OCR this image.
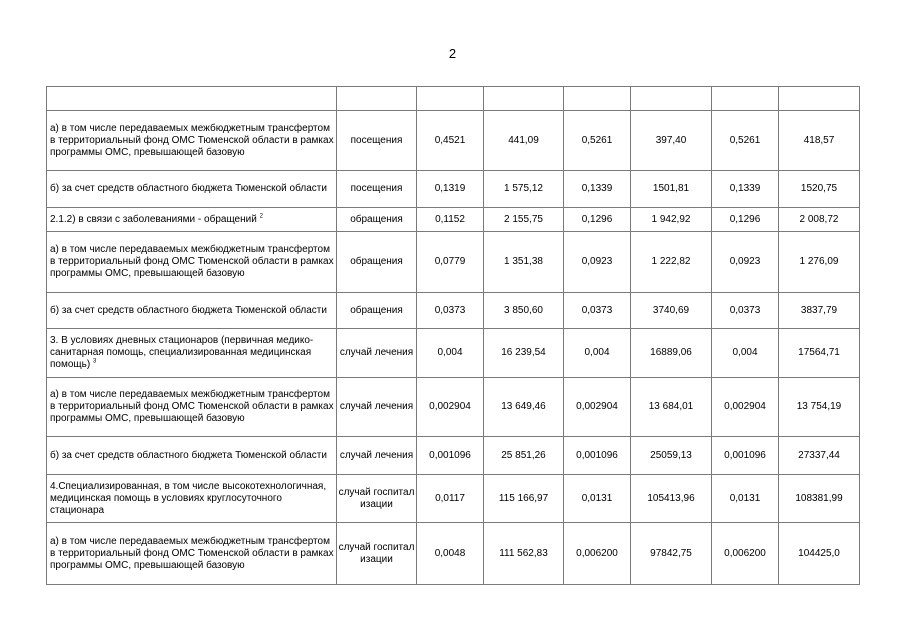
2

а) в том числе передаваемых межбюджетным трансфертом в территориальный фонд ОМС Тюменской области в рамках программы ОМС, превышающей базовую	посещения	0,4521	441,09	0,5261	397,40	0,5261	418,57
б) за счет средств областного бюджета Тюменской области	посещения	0,1319	1 575,12	0,1339	1501,81	0,1339	1520,75
2.1.2) в связи с заболеваниями - обращений $^2$	обращения	0,1152	2 155,75	0,1296	1 942,92	0,1296	2 008,72
а) в том числе передаваемых межбюджетным трансфертом в территориальный фонд ОМС Тюменской области в рамках программы ОМС, превышающей базовую	обращения	0,0779	1 351,38	0,0923	1 222,82	0,0923	1 276,09
б) за счет средств областного бюджета Тюменской области	обращения	0,0373	3 850,60	0,0373	3740,69	0,0373	3837,79
3. В условиях дневных стационаров (первичная медико-санитарная помощь, специализированная медицинская помощь) $^3$	случай лечения	0,004	16 239,54	0,004	16889,06	0,004	17564,71
а) в том числе передаваемых межбюджетным трансфертом в территориальный фонд ОМС Тюменской области в рамках программы ОМС, превышающей базовую	случай лечения	0,002904	13 649,46	0,002904	13 684,01	0,002904	13 754,19
б) за счет средств областного бюджета Тюменской области	случай лечения	0,001096	25 851,26	0,001096	25059,13	0,001096	27337,44
4.Специализированная, в том числе высокотехнологичная, медицинская помощь в условиях круглосуточного стационара	случай госпитализации	0,0117	115 166,97	0,0131	105413,96	0,0131	108381,99
а) в том числе передаваемых межбюджетным трансфертом в территориальный фонд ОМС Тюменской области в рамках программы ОМС, превышающей базовую	случай госпитализации	0,0048	111 562,83	0,006200	97842,75	0,006200	104425,0
